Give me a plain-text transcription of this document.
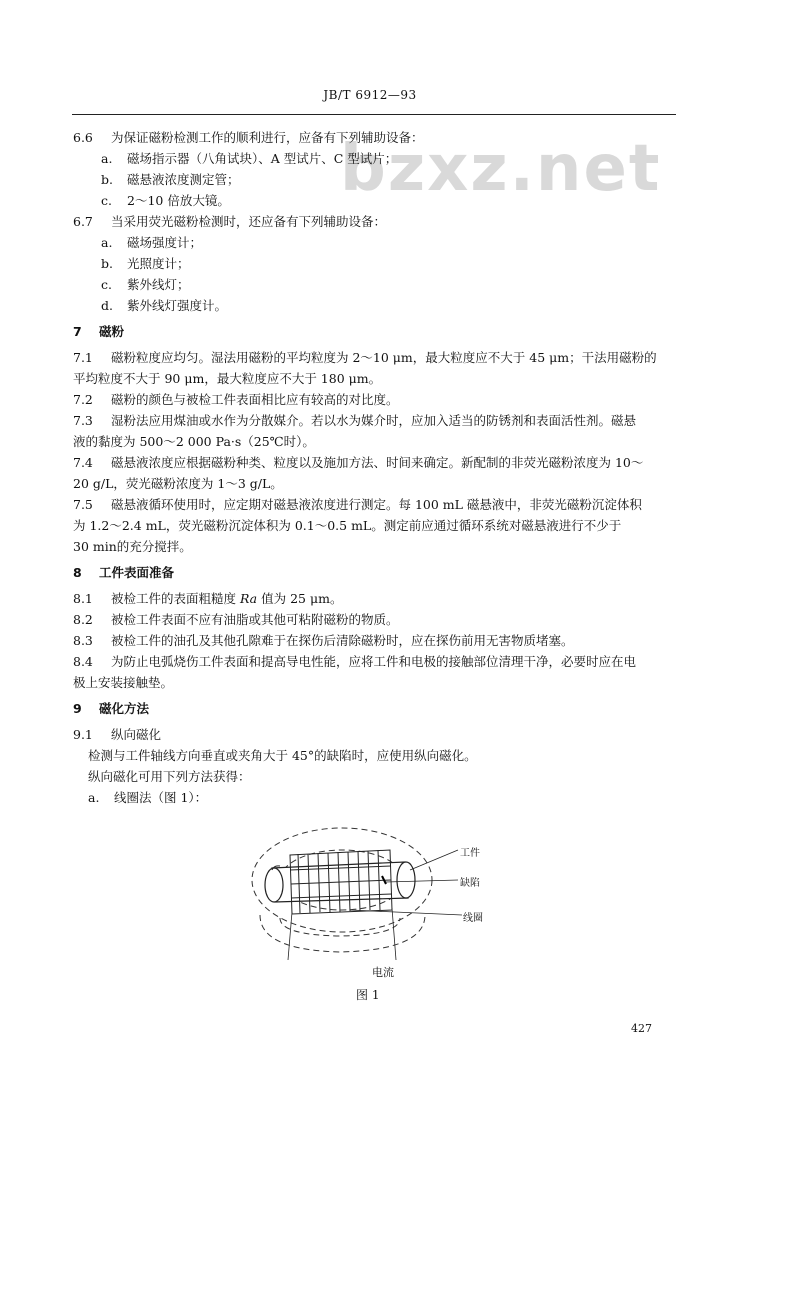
JB/T 6912—93
bzxz.net
6.6 为保证磁粉检测工作的顺利进行，应备有下列辅助设备：
a. 磁场指示器（八角试块）、A 型试片、C 型试片；
b. 磁悬液浓度测定管；
c. 2～10 倍放大镜。
6.7 当采用荧光磁粉检测时，还应备有下列辅助设备：
a. 磁场强度计；
b. 光照度计；
c. 紫外线灯；
d. 紫外线灯强度计。
7 磁粉
7.1 磁粉粒度应均匀。湿法用磁粉的平均粒度为 2～10 μm，最大粒度应不大于 45 μm；干法用磁粉的
平均粒度不大于 90 μm，最大粒度应不大于 180 μm。
7.2 磁粉的颜色与被检工件表面相比应有较高的对比度。
7.3 湿粉法应用煤油或水作为分散媒介。若以水为媒介时，应加入适当的防锈剂和表面活性剂。磁悬
液的黏度为 500～2 000 Pa·s（25℃时）。
7.4 磁悬液浓度应根据磁粉种类、粒度以及施加方法、时间来确定。新配制的非荧光磁粉浓度为 10～
20 g/L，荧光磁粉浓度为 1～3 g/L。
7.5 磁悬液循环使用时，应定期对磁悬液浓度进行测定。每 100 mL 磁悬液中，非荧光磁粉沉淀体积
为 1.2～2.4 mL，荧光磁粉沉淀体积为 0.1～0.5 mL。测定前应通过循环系统对磁悬液进行不少于
30 min的充分搅拌。
8 工件表面准备
8.1 被检工件的表面粗糙度 Ra 值为 25 μm。
8.2 被检工件表面不应有油脂或其他可粘附磁粉的物质。
8.3 被检工件的油孔及其他孔隙难于在探伤后清除磁粉时，应在探伤前用无害物质堵塞。
8.4 为防止电弧烧伤工件表面和提高导电性能，应将工件和电极的接触部位清理干净，必要时应在电
极上安装接触垫。
9 磁化方法
9.1 纵向磁化
检测与工件轴线方向垂直或夹角大于 45°的缺陷时，应使用纵向磁化。
纵向磁化可用下列方法获得：
a. 线圈法（图 1）：
工件
缺陷
线圈
电流
图 1
427
